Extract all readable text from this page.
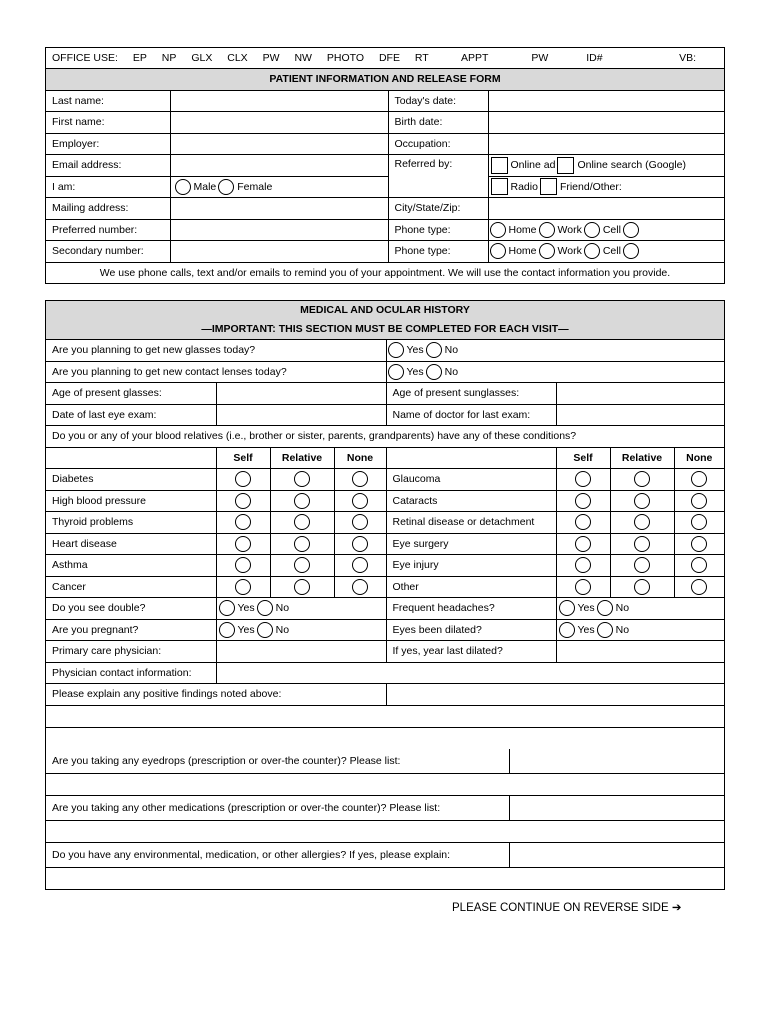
OFFICE USE: EP NP GLX CLX PW NW PHOTO DFE RT APPT PW ID# VB:			

PATIENT INFORMATION AND RELEASE FORM			
Last name:		Today's date:	
First name:		Birth date:	
Employer:		Occupation:	
Email address:		Referred by:	Online ad Online search (Google)
I am:	Male Female		Radio Friend/Other:
Mailing address:		City/State/Zip:	
Preferred number:		Phone type:	Home Work Cell
Secondary number:		Phone type:	Home Work Cell
We use phone calls, text and/or emails to remind you of your appointment. We will use the contact information you provide.			
MEDICAL AND OCULAR HISTORY
—IMPORTANT: THIS SECTION MUST BE COMPLETED FOR EACH VISIT—							

Are you planning to get new glasses today?				Yes No			
Are you planning to get new contact lenses today?				Yes No			
Age of present glasses:				Age of present sunglasses:			
Date of last eye exam:				Name of doctor for last exam:			
Do you or any of your blood relatives (i.e., brother or sister, parents, grandparents) have any of these conditions?							
	Self	Relative	None		Self	Relative	None
Diabetes				Glaucoma			
High blood pressure				Cataracts			
Thyroid problems				Retinal disease or detachment			
Heart disease				Eye surgery			
Asthma				Eye injury			
Cancer				Other			
Do you see double?	Yes No			Frequent headaches?	Yes No		
Are you pregnant?	Yes No			Eyes been dilated?	Yes No		
Primary care physician:				If yes, year last dilated?			
Physician contact information:							
Please explain any positive findings noted above:							

Are you taking any eyedrops (prescription or over-the counter)? Please list:	

Are you taking any other medications (prescription or over-the counter)? Please list:	

Do you have any environmental, medication, or other allergies? If yes, please explain:	

PLEASE CONTINUE ON REVERSE SIDE ➔
